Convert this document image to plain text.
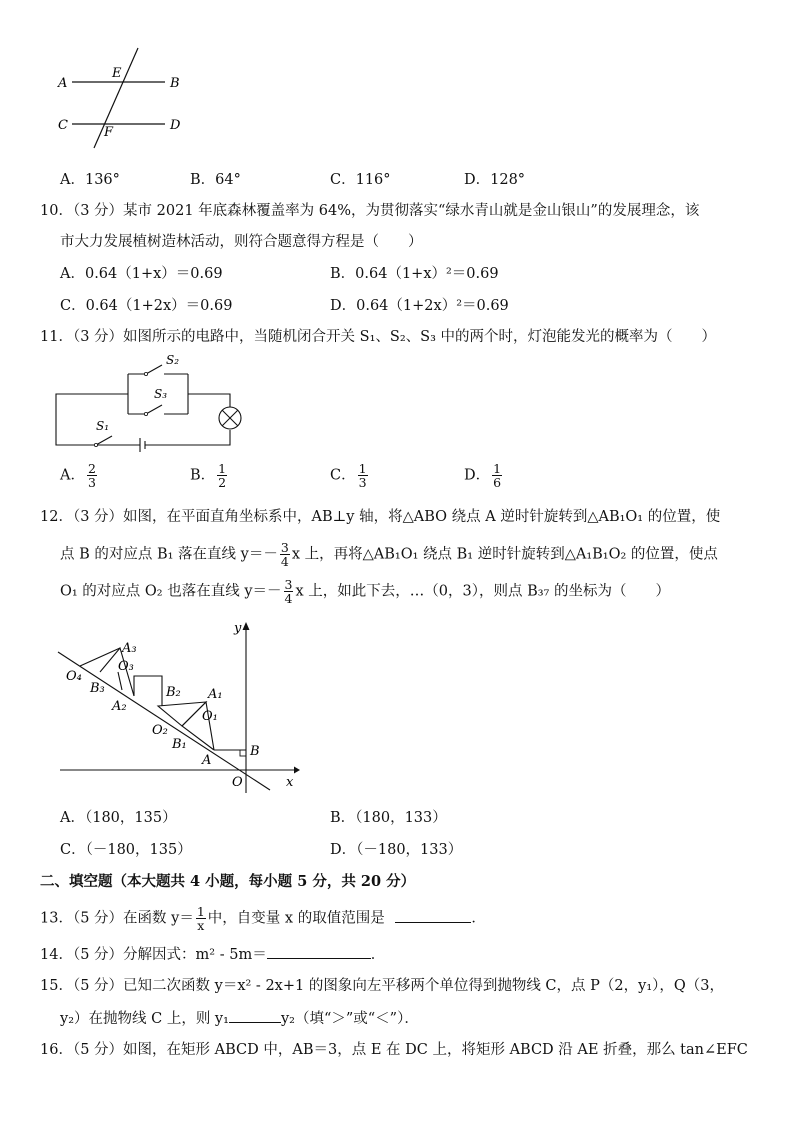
A
E
B
C	F	D
A．136°	B．64°	C．116°	D．128°
10．（3 分）某市 2021 年底森林覆盖率为 64%，为贯彻落实“绿水青山就是金山银山”的发展理念，该
市大力发展植树造林活动，则符合题意得方程是（　　）
A．0.64（1+x）＝0.69	B．0.64（1+x）²＝0.69
C．0.64（1+2x）＝0.69	D．0.64（1+2x）²＝0.69
11．（3 分）如图所示的电路中，当随机闭合开关 S₁、S₂、S₃ 中的两个时，灯泡能发光的概率为（　　）
S₂
S₃
S₁
A． $\frac{2}{3}$	B． $\frac{1}{2}$	C． $\frac{1}{3}$	D． $\frac{1}{6}$
12．（3 分）如图，在平面直角坐标系中，AB⊥y 轴，将△ABO 绕点 A 逆时针旋转到△AB₁O₁ 的位置，使
点 B 的对应点 B₁ 落在直线 $y=- \frac{3}{4}$ x 上，再将△AB₁O₁ 绕点 B₁ 逆时针旋转到△A₁B₁O₂ 的位置，使点
O₁ 的对应点 O₂ 也落在直线 $y=- \frac{3}{4}$ x 上，如此下去，…（0，3），则点 B₃₇ 的坐标为（　　）
y
x
O
B
A
B₁
O₁
A₁
O₂
B₂
A₂
B₃
O₃
A₃
O₄
A．（180，135）	B．（180，133）
C．（－180，135）	D．（－180，133）
二、填空题（本大题共 4 小题，每小题 5 分，共 20 分）
13．（5 分）在函数 $y= \frac{1}{x}$ 中，自变量 x 的取值范围是	．
14．（5 分）分解因式：m² - 5m＝	．
15．（5 分）已知二次函数 y＝x² - 2x+1 的图象向左平移两个单位得到抛物线 C，点 P（2，y₁），Q（3，
y₂）在抛物线 C 上，则 y₁	y₂（填“＞”或“＜”）．
16．（5 分）如图，在矩形 ABCD 中，AB＝3，点 E 在 DC 上，将矩形 ABCD 沿 AE 折叠，那么 tan∠EFC
